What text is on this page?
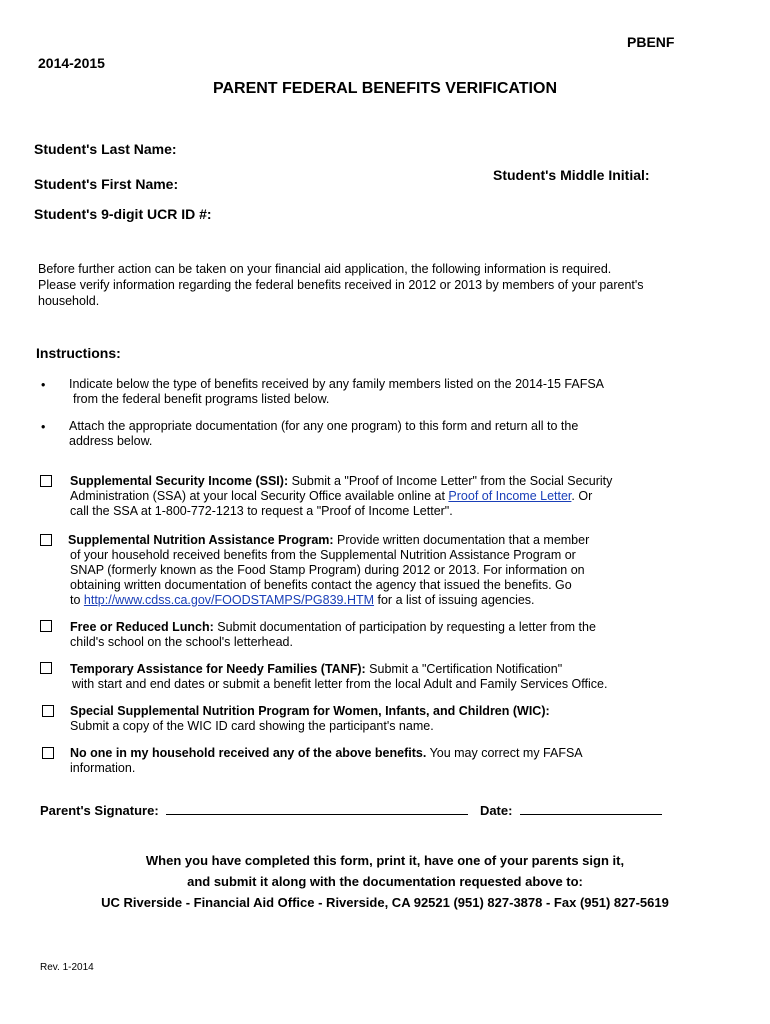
PBENF
2014-2015
PARENT FEDERAL BENEFITS VERIFICATION
Student's Last Name:
Student's Middle Initial:
Student's First Name:
Student's 9-digit UCR ID #:
Before further action can be taken on your financial aid application, the following information is required.
Please verify information regarding the federal benefits received in 2012 or 2013 by members of your parent's
household.
Instructions:
• Indicate below the type of benefits received by any family members listed on the 2014-15 FAFSA
from the federal benefit programs listed below.
• Attach the appropriate documentation (for any one program) to this form and return all to the
address below.
Supplemental Security Income (SSI): Submit a "Proof of Income Letter" from the Social Security
Administration (SSA) at your local Security Office available online at Proof of Income Letter. Or
call the SSA at 1-800-772-1213 to request a "Proof of Income Letter".
Supplemental Nutrition Assistance Program: Provide written documentation that a member
of your household received benefits from the Supplemental Nutrition Assistance Program or
SNAP (formerly known as the Food Stamp Program) during 2012 or 2013. For information on
obtaining written documentation of benefits contact the agency that issued the benefits. Go
to http://www.cdss.ca.gov/FOODSTAMPS/PG839.HTM for a list of issuing agencies.
Free or Reduced Lunch: Submit documentation of participation by requesting a letter from the
child's school on the school's letterhead.
Temporary Assistance for Needy Families (TANF): Submit a "Certification Notification"
with start and end dates or submit a benefit letter from the local Adult and Family Services Office.
Special Supplemental Nutrition Program for Women, Infants, and Children (WIC):
Submit a copy of the WIC ID card showing the participant's name.
No one in my household received any of the above benefits. You may correct my FAFSA
information.
Parent's Signature:	Date:
When you have completed this form, print it, have one of your parents sign it,
and submit it along with the documentation requested above to:
UC Riverside - Financial Aid Office - Riverside, CA 92521 (951) 827-3878 - Fax (951) 827-5619
Rev. 1-2014
